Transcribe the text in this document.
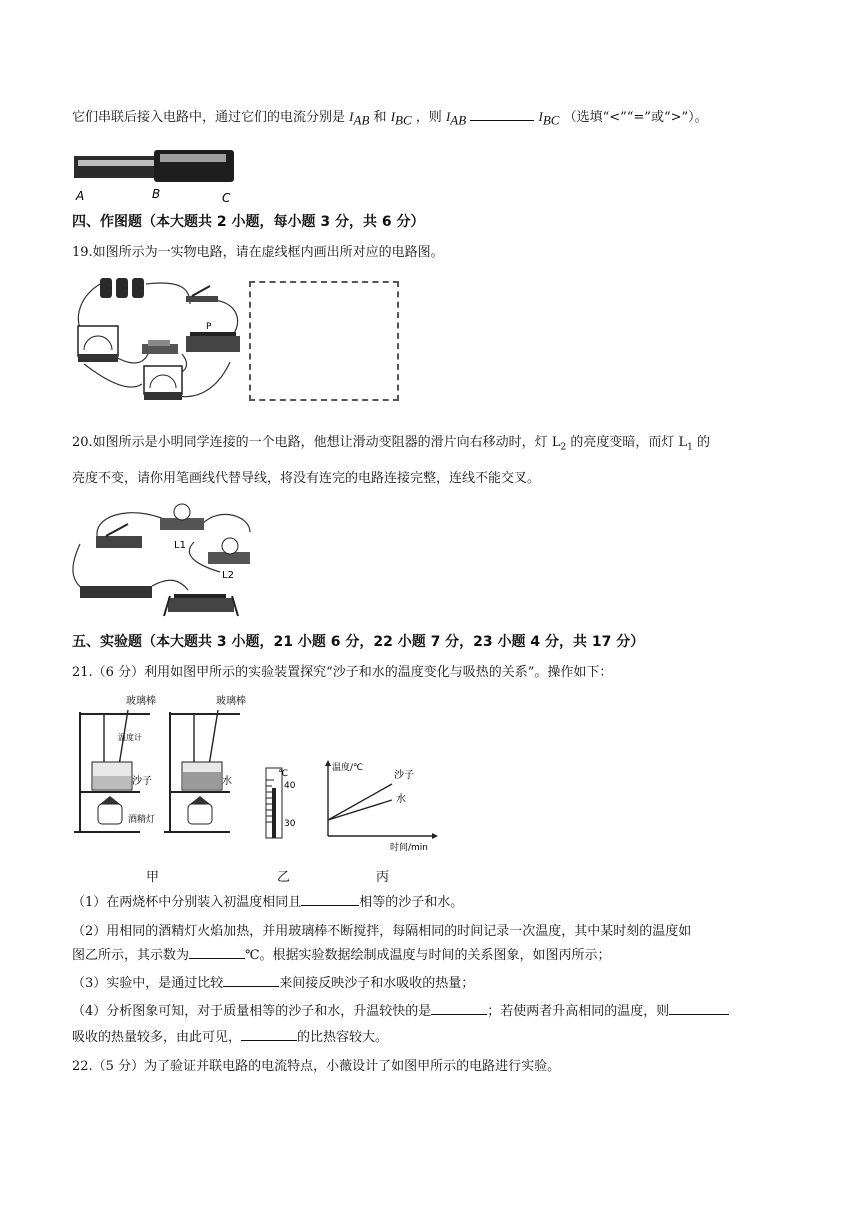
它们串联后接入电路中，通过它们的电流分别是 $I_{AB}$ 和 $I_{BC}$ ，则 $I_{AB}$	$I_{BC}$ （选填“<”“=”或“>”）。
A	B	C
四、作图题（本大题共 2 小题，每小题 3 分，共 6 分）
19.如图所示为一实物电路，请在虚线框内画出所对应的电路图。
P
20.如图所示是小明同学连接的一个电路，他想让滑动变阻器的滑片向右移动时，灯 $L_2$ 的亮度变暗，而灯 $L_1$ 的
亮度不变，请你用笔画线代替导线，将没有连完的电路连接完整，连线不能交叉。
L1
L2
五、实验题（本大题共 3 小题，21 小题 6 分，22 小题 7 分，23 小题 4 分，共 17 分）
21.（6 分）利用如图甲所示的实验装置探究“沙子和水的温度变化与吸热的关系”。操作如下：
玻璃棒	玻璃棒
温度计
沙子	水
酒精灯
℃
40
30
温度/℃
沙子
水
时间/min
甲	乙	丙
（1）在两烧杯中分别装入初温度相同且	相等的沙子和水。
（2）用相同的酒精灯火焰加热，并用玻璃棒不断搅拌，每隔相同的时间记录一次温度，其中某时刻的温度如
图乙所示，其示数为	℃。根据实验数据绘制成温度与时间的关系图象，如图丙所示；
（3）实验中，是通过比较	来间接反映沙子和水吸收的热量；
（4）分析图象可知，对于质量相等的沙子和水，升温较快的是	；若使两者升高相同的温度，则
吸收的热量较多，由此可见，	的比热容较大。
22.（5 分）为了验证并联电路的电流特点，小薇设计了如图甲所示的电路进行实验。
